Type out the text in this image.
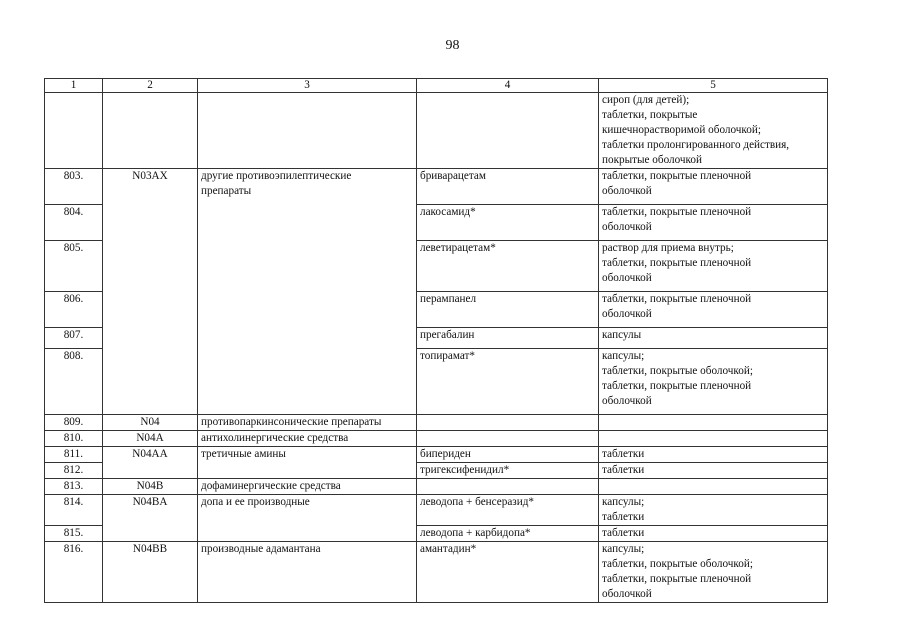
98
1	2	3	4	5
				сироп (для детей);
таблетки, покрытые
кишечнорастворимой оболочкой;
таблетки пролонгированного действия,
покрытые оболочкой
803.	N03AX	другие противоэпилептические
препараты	бриварацетам	таблетки, покрытые пленочной
оболочкой
804.			лакосамид*	таблетки, покрытые пленочной
оболочкой
805.			леветирацетам*	раствор для приема внутрь;
таблетки, покрытые пленочной
оболочкой
806.			перампанел	таблетки, покрытые пленочной
оболочкой
807.			прегабалин	капсулы
808.			топирамат*	капсулы;
таблетки, покрытые оболочкой;
таблетки, покрытые пленочной
оболочкой
809.	N04	противопаркинсонические препараты		
810.	N04A	антихолинергические средства		
811.	N04AA	третичные амины	бипериден	таблетки
812.			тригексифенидил*	таблетки
813.	N04B	дофаминергические средства		
814.	N04BA	допа и ее производные	леводопа + бенсеразид*	капсулы;
таблетки
815.			леводопа + карбидопа*	таблетки
816.	N04BB	производные адамантана	амантадин*	капсулы;
таблетки, покрытые оболочкой;
таблетки, покрытые пленочной
оболочкой
